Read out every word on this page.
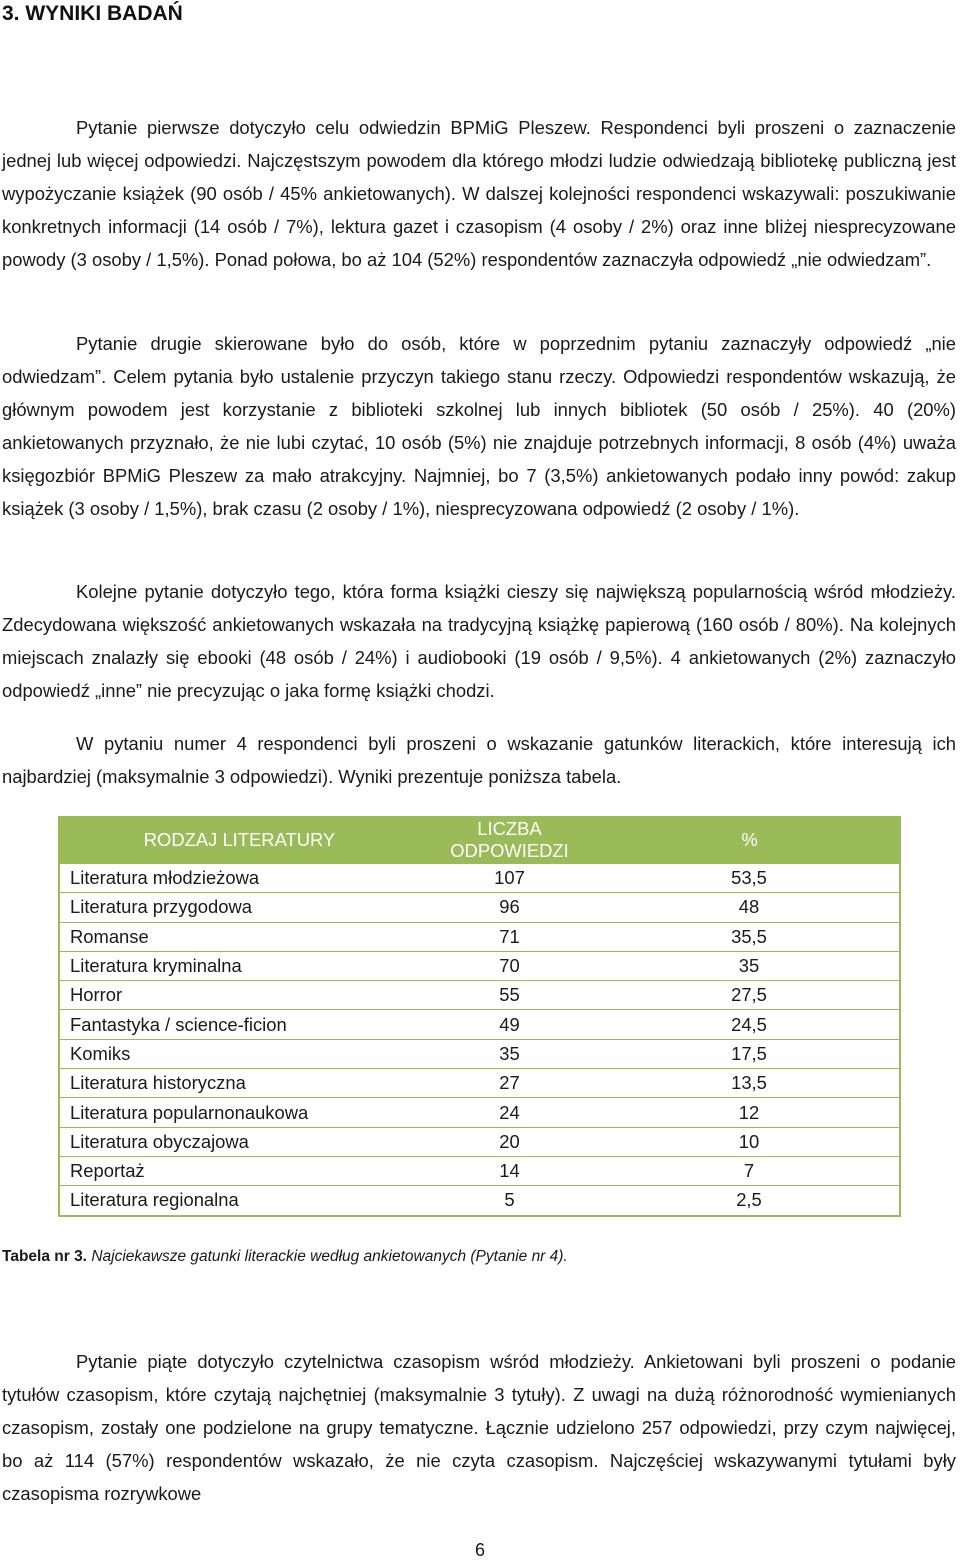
3. WYNIKI BADAŃ

Pytanie pierwsze dotyczyło celu odwiedzin BPMiG Pleszew. Respondenci byli proszeni o zaznaczenie jednej lub więcej odpowiedzi. Najczęstszym powodem dla którego młodzi ludzie odwiedzają bibliotekę publiczną jest wypożyczanie książek (90 osób / 45% ankietowanych). W dalszej kolejności respondenci wskazywali: poszukiwanie konkretnych informacji (14 osób / 7%), lektura gazet i czasopism (4 osoby / 2%) oraz inne bliżej niesprecyzowane powody (3 osoby / 1,5%). Ponad połowa, bo aż 104 (52%) respondentów zaznaczyła odpowiedź „nie odwiedzam”.

Pytanie drugie skierowane było do osób, które w poprzednim pytaniu zaznaczyły odpowiedź „nie odwiedzam”. Celem pytania było ustalenie przyczyn takiego stanu rzeczy. Odpowiedzi respondentów wskazują, że głównym powodem jest korzystanie z biblioteki szkolnej lub innych bibliotek (50 osób / 25%). 40 (20%) ankietowanych przyznało, że nie lubi czytać, 10 osób (5%) nie znajduje potrzebnych informacji, 8 osób (4%) uważa księgozbiór BPMiG Pleszew za mało atrakcyjny. Najmniej, bo 7 (3,5%) ankietowanych podało inny powód: zakup książek (3 osoby / 1,5%), brak czasu (2 osoby / 1%), niesprecyzowana odpowiedź (2 osoby / 1%).

Kolejne pytanie dotyczyło tego, która forma książki cieszy się największą popularnością wśród młodzieży. Zdecydowana większość ankietowanych wskazała na tradycyjną książkę papierową (160 osób / 80%). Na kolejnych miejscach znalazły się ebooki (48 osób / 24%) i audiobooki (19 osób / 9,5%). 4 ankietowanych (2%) zaznaczyło odpowiedź „inne” nie precyzując o jaka formę książki chodzi.

W pytaniu numer 4 respondenci byli proszeni o wskazanie gatunków literackich, które interesują ich najbardziej (maksymalnie 3 odpowiedzi). Wyniki prezentuje poniższa tabela.

RODZAJ LITERATURY	LICZBA ODPOWIEDZI	%
Literatura młodzieżowa	107	53,5
Literatura przygodowa	96	48
Romanse	71	35,5
Literatura kryminalna	70	35
Horror	55	27,5
Fantastyka / science-ficion	49	24,5
Komiks	35	17,5
Literatura historyczna	27	13,5
Literatura popularnonaukowa	24	12
Literatura obyczajowa	20	10
Reportaż	14	7
Literatura regionalna	5	2,5

Tabela nr 3. Najciekawsze gatunki literackie według ankietowanych (Pytanie nr 4).

Pytanie piąte dotyczyło czytelnictwa czasopism wśród młodzieży. Ankietowani byli proszeni o podanie tytułów czasopism, które czytają najchętniej (maksymalnie 3 tytuły). Z uwagi na dużą różnorodność wymienianych czasopism, zostały one podzielone na grupy tematyczne. Łącznie udzielono 257 odpowiedzi, przy czym najwięcej, bo aż 114 (57%) respondentów wskazało, że nie czyta czasopism. Najczęściej wskazywanymi tytułami były czasopisma rozrywkowe

6
